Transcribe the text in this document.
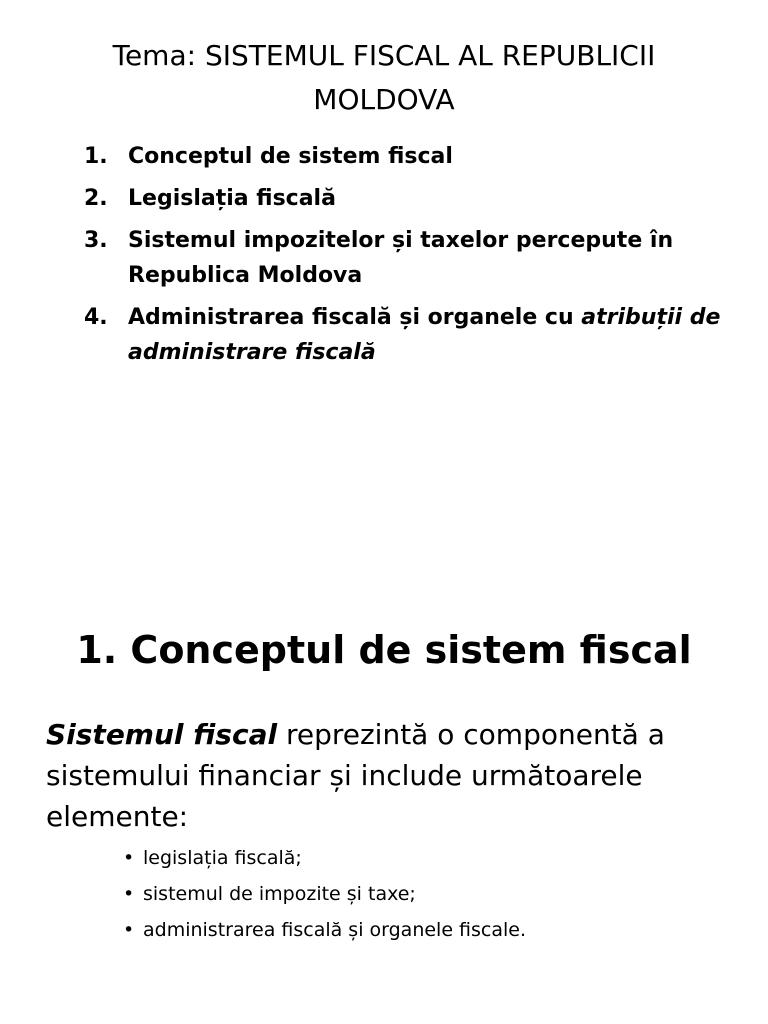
Tema: SISTEMUL FISCAL AL REPUBLICII MOLDOVA
1. Conceptul de sistem fiscal
2. Legislația fiscală
3. Sistemul impozitelor și taxelor percepute în Republica Moldova
4. Administrarea fiscală și organele cu atribuții de administrare fiscală
1. Conceptul de sistem fiscal

Sistemul fiscal reprezintă o componentă a sistemului financiar și include următoarele elemente:

• legislația fiscală;
• sistemul de impozite și taxe;
• administrarea fiscală și organele fiscale.
